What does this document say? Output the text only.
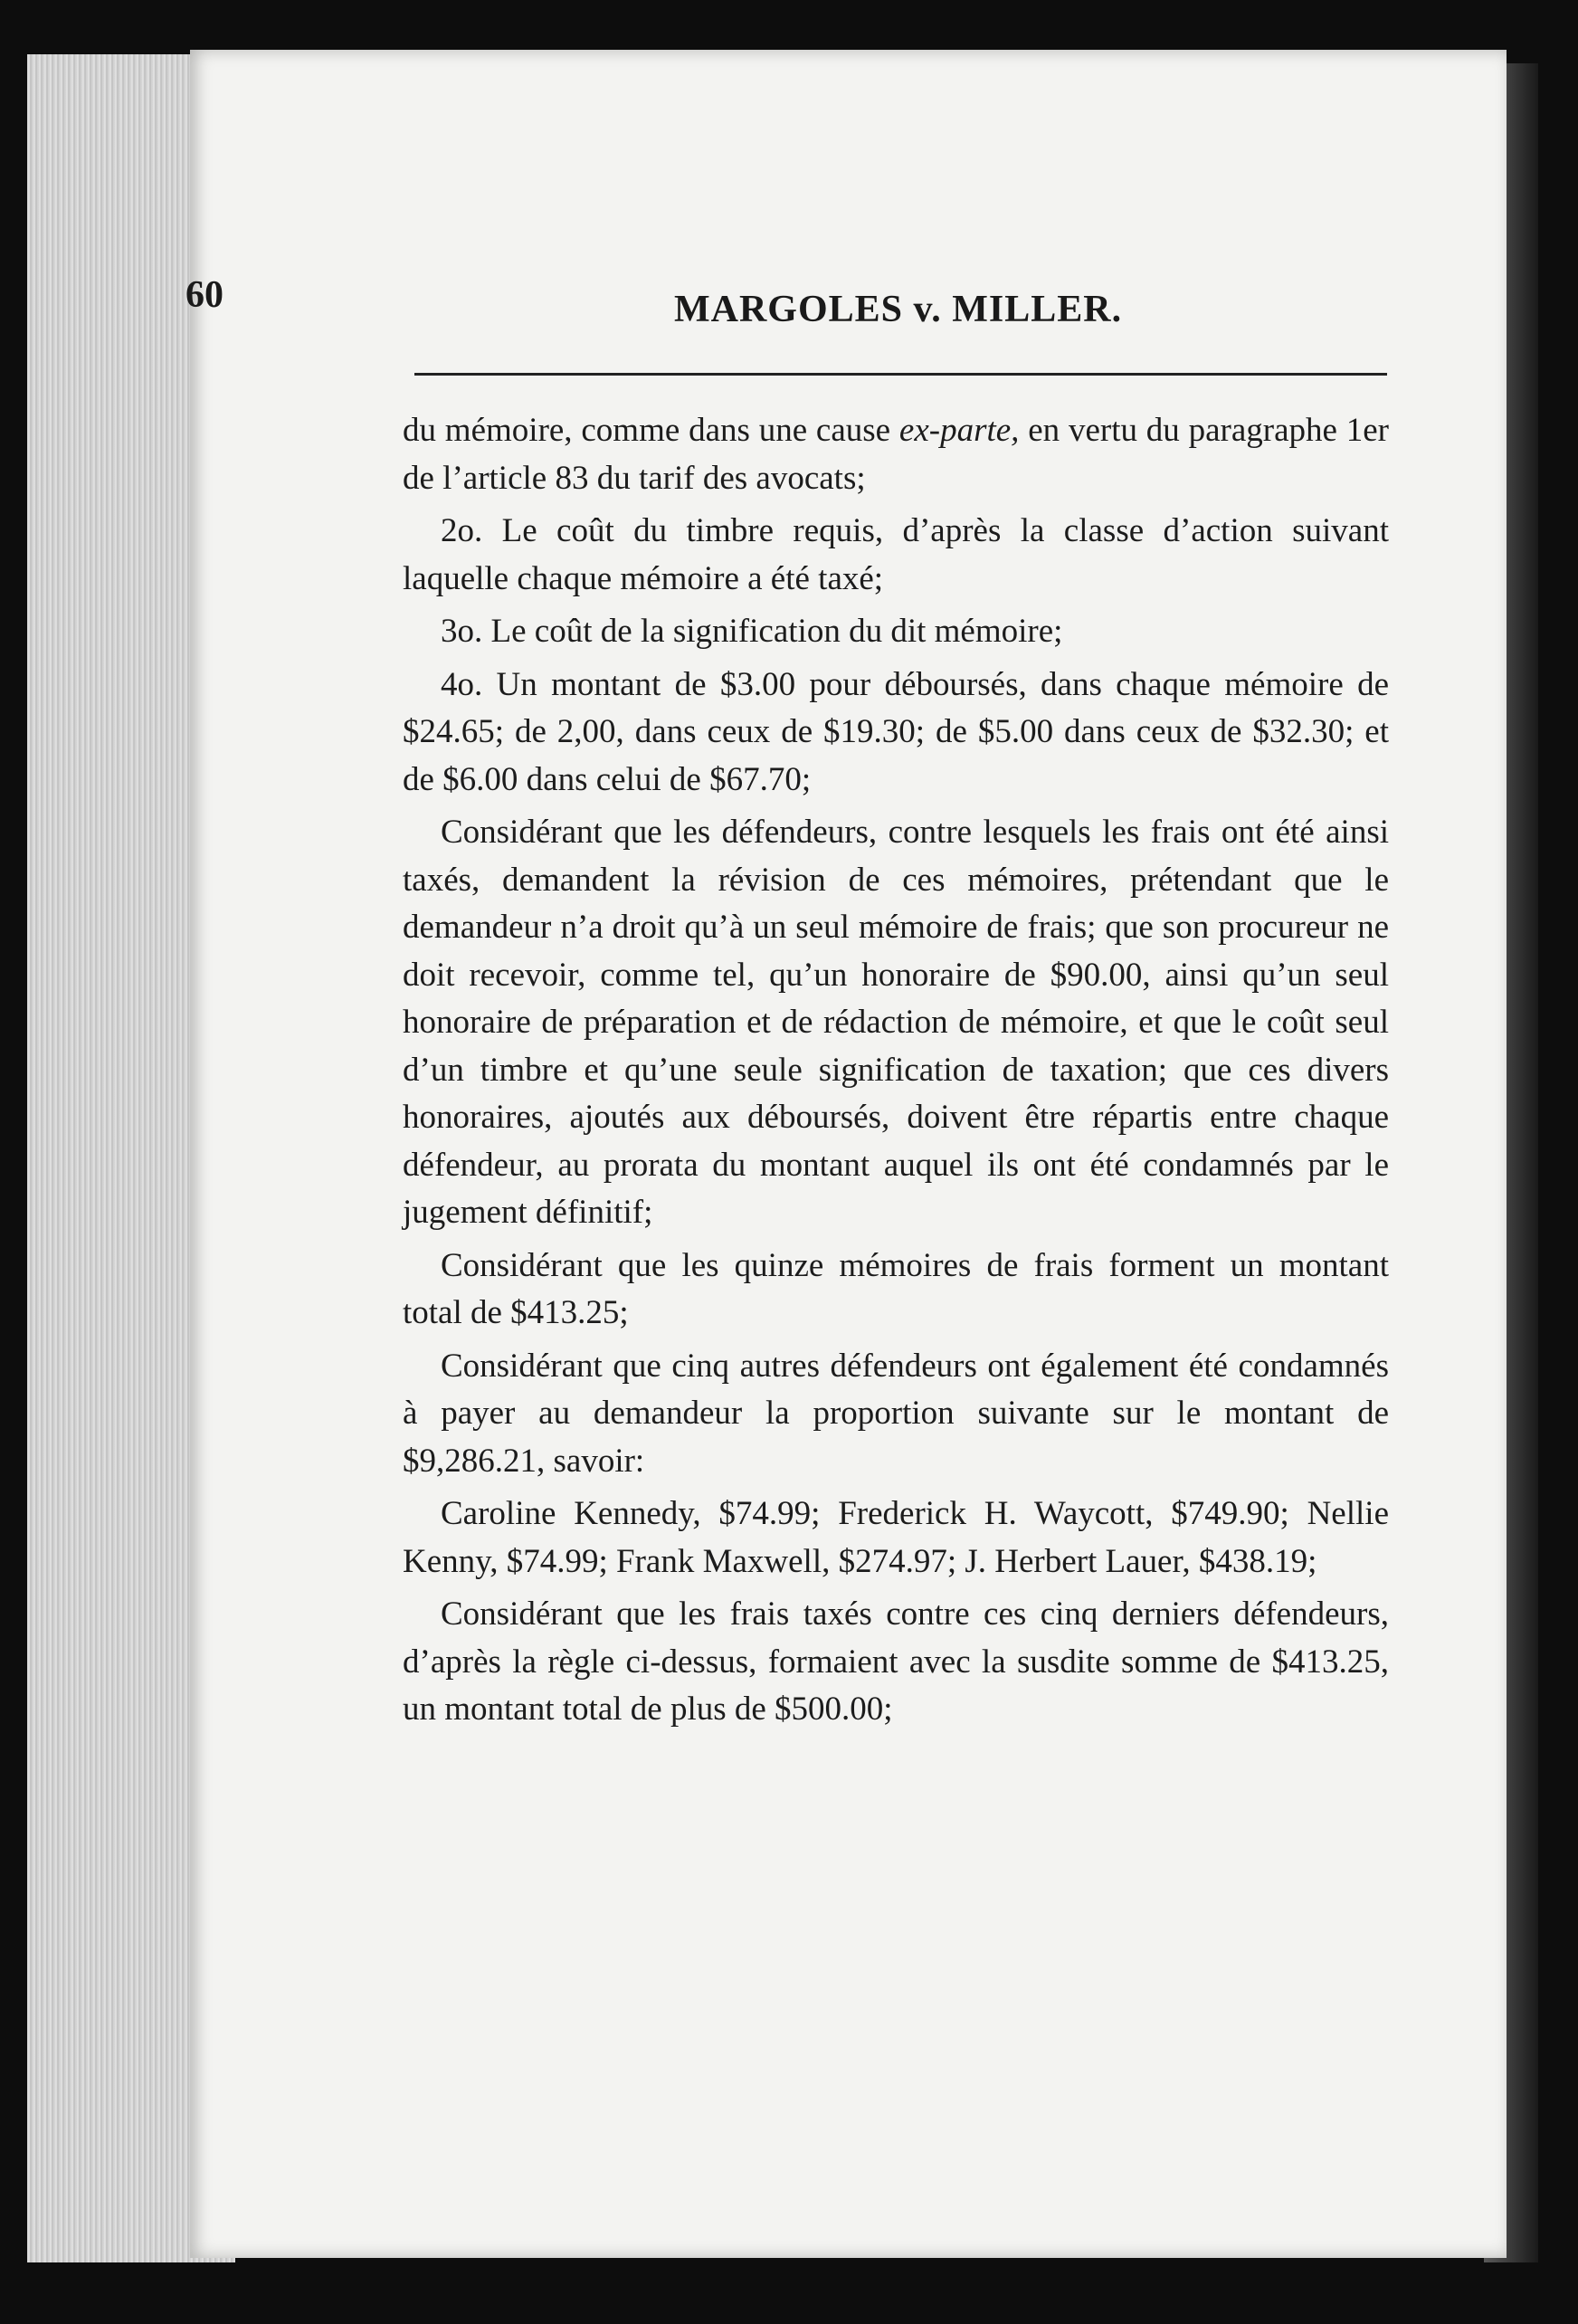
60	MARGOLES v. MILLER.

du mémoire, comme dans une cause ex-parte, en vertu du paragraphe 1er de l’article 83 du tarif des avocats;

2o. Le coût du timbre requis, d’après la classe d’action suivant laquelle chaque mémoire a été taxé;

3o. Le coût de la signification du dit mémoire;

4o. Un montant de $3.00 pour déboursés, dans chaque mémoire de $24.65; de 2,00, dans ceux de $19.30; de $5.00 dans ceux de $32.30; et de $6.00 dans celui de $67.70;

Considérant que les défendeurs, contre lesquels les frais ont été ainsi taxés, demandent la révision de ces mémoires, prétendant que le demandeur n’a droit qu’à un seul mémoire de frais; que son procureur ne doit recevoir, comme tel, qu’un honoraire de $90.00, ainsi qu’un seul honoraire de préparation et de rédaction de mémoire, et que le coût seul d’un timbre et qu’une seule signification de taxation; que ces divers honoraires, ajoutés aux déboursés, doivent être répartis entre chaque défendeur, au prorata du montant auquel ils ont été condamnés par le jugement définitif;

Considérant que les quinze mémoires de frais forment un montant total de $413.25;

Considérant que cinq autres défendeurs ont également été condamnés à payer au demandeur la proportion suivante sur le montant de $9,286.21, savoir:

Caroline Kennedy, $74.99; Frederick H. Waycott, $749.90; Nellie Kenny, $74.99; Frank Maxwell, $274.97; J. Herbert Lauer, $438.19;

Considérant que les frais taxés contre ces cinq derniers défendeurs, d’après la règle ci-dessus, formaient avec la susdite somme de $413.25, un montant total de plus de $500.00;
